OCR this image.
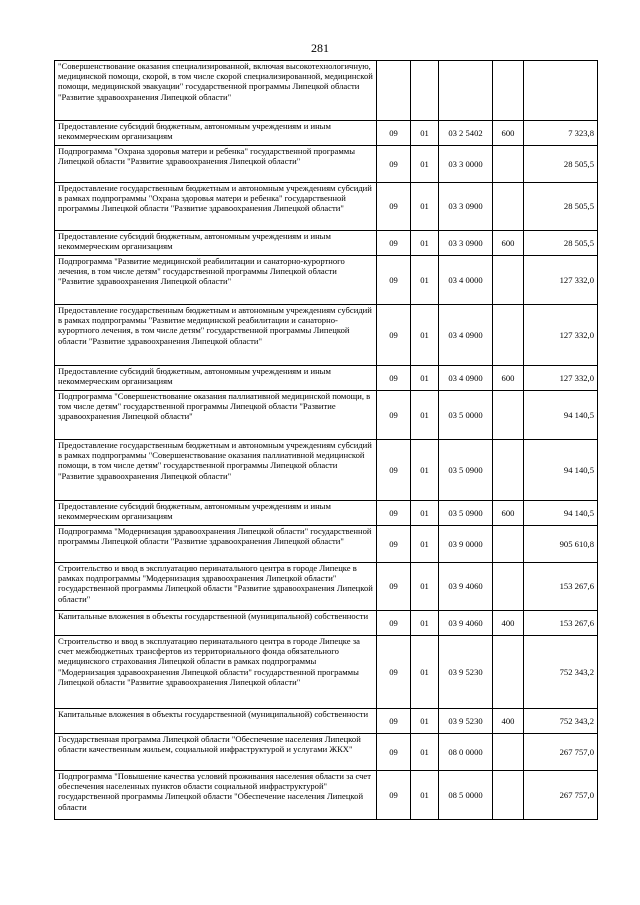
281
"Совершенствование оказания специализированной, включая высокотехнологичную, медицинской помощи, скорой, в том числе скорой специализированной, медицинской помощи, медицинской эвакуации" государственной программы Липецкой области "Развитие здравоохранения Липецкой области"					
Предоставление субсидий бюджетным, автономным учреждениям и иным некоммерческим организациям	09	01	03 2 5402	600	7 323,8
Подпрограмма "Охрана здоровья матери и ребенка" государственной программы Липецкой области "Развитие здравоохранения Липецкой области"	09	01	03 3 0000		28 505,5
Предоставление государственным бюджетным и автономным учреждениям субсидий в рамках подпрограммы "Охрана здоровья матери и ребенка" государственной программы Липецкой области "Развитие здравоохранения Липецкой области"	09	01	03 3 0900		28 505,5
Предоставление субсидий бюджетным, автономным учреждениям и иным некоммерческим организациям	09	01	03 3 0900	600	28 505,5
Подпрограмма "Развитие медицинской реабилитации и санаторно-курортного лечения, в том числе детям" государственной программы Липецкой области "Развитие здравоохранения Липецкой области"	09	01	03 4 0000		127 332,0
Предоставление государственным бюджетным и автономным учреждениям субсидий в рамках подпрограммы "Развитие медицинской реабилитации и санаторно-курортного лечения, в том числе детям" государственной программы Липецкой области "Развитие здравоохранения Липецкой области"	09	01	03 4 0900		127 332,0
Предоставление субсидий бюджетным, автономным учреждениям и иным некоммерческим организациям	09	01	03 4 0900	600	127 332,0
Подпрограмма "Совершенствование оказания паллиативной медицинской помощи, в том числе детям" государственной программы Липецкой области "Развитие здравоохранения Липецкой области"	09	01	03 5 0000		94 140,5
Предоставление государственным бюджетным и автономным учреждениям субсидий в рамках подпрограммы "Совершенствование оказания паллиативной медицинской помощи, в том числе детям" государственной программы Липецкой области "Развитие здравоохранения Липецкой области"	09	01	03 5 0900		94 140,5
Предоставление субсидий бюджетным, автономным учреждениям и иным некоммерческим организациям	09	01	03 5 0900	600	94 140,5
Подпрограмма "Модернизация здравоохранения Липецкой области" государственной программы Липецкой области "Развитие здравоохранения Липецкой области"	09	01	03 9 0000		905 610,8
Строительство и ввод в эксплуатацию перинатального центра в городе Липецке в рамках подпрограммы "Модернизация здравоохранения Липецкой области" государственной программы Липецкой области "Развитие здравоохранения Липецкой области"	09	01	03 9 4060		153 267,6
Капитальные вложения в объекты государственной (муниципальной) собственности	09	01	03 9 4060	400	153 267,6
Строительство и ввод в эксплуатацию перинатального центра в городе Липецке за счет межбюджетных трансфертов из территориального фонда обязательного медицинского страхования Липецкой области в рамках подпрограммы "Модернизация здравоохранения Липецкой области" государственной программы Липецкой области "Развитие здравоохранения Липецкой области"	09	01	03 9 5230		752 343,2
Капитальные вложения в объекты государственной (муниципальной) собственности	09	01	03 9 5230	400	752 343,2
Государственная программа Липецкой области "Обеспечение населения Липецкой области качественным жильем, социальной инфраструктурой и услугами ЖКХ"	09	01	08 0 0000		267 757,0
Подпрограмма "Повышение качества условий проживания населения области за счет обеспечения населенных пунктов области социальной инфраструктурой" государственной программы Липецкой области "Обеспечение населения Липецкой области	09	01	08 5 0000		267 757,0
